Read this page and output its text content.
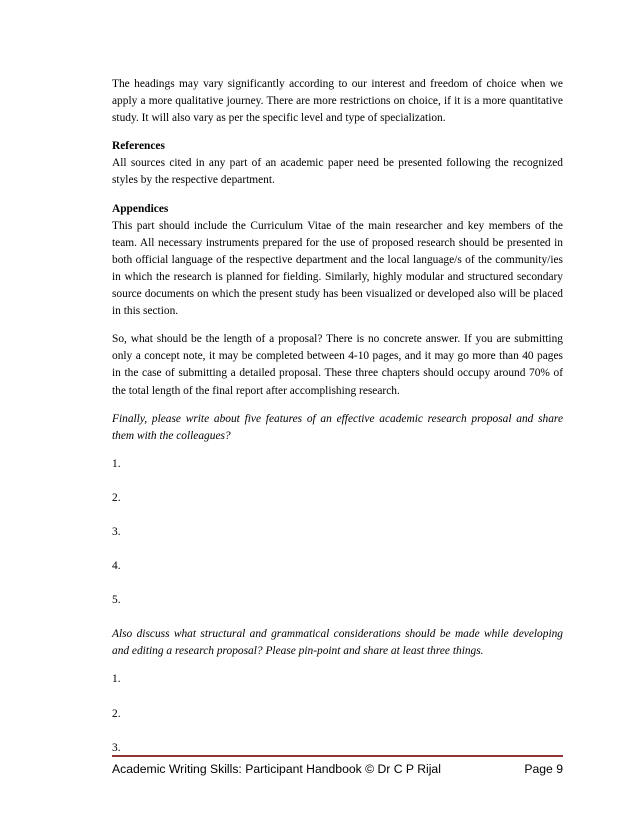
The headings may vary significantly according to our interest and freedom of choice when we apply a more qualitative journey. There are more restrictions on choice, if it is a more quantitative study. It will also vary as per the specific level and type of specialization.

References

All sources cited in any part of an academic paper need be presented following the recognized styles by the respective department.

Appendices

This part should include the Curriculum Vitae of the main researcher and key members of the team. All necessary instruments prepared for the use of proposed research should be presented in both official language of the respective department and the local language/s of the community/ies in which the research is planned for fielding. Similarly, highly modular and structured secondary source documents on which the present study has been visualized or developed also will be placed in this section.

So, what should be the length of a proposal? There is no concrete answer. If you are submitting only a concept note, it may be completed between 4-10 pages, and it may go more than 40 pages in the case of submitting a detailed proposal. These three chapters should occupy around 70% of the total length of the final report after accomplishing research.

Finally, please write about five features of an effective academic research proposal and share them with the colleagues?

1.

2.

3.

4.

5.

Also discuss what structural and grammatical considerations should be made while developing and editing a research proposal? Please pin-point and share at least three things.

1.

2.

3.

Academic Writing Skills: Participant Handbook © Dr C P Rijal	Page 9
